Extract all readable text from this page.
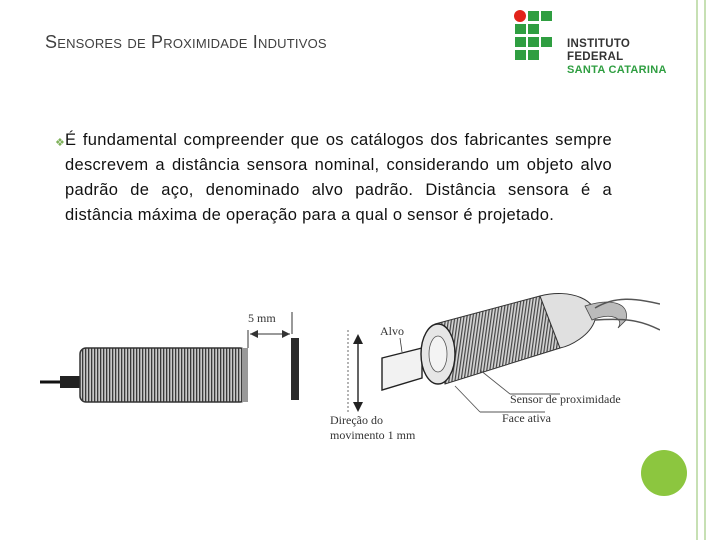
Sensores de Proximidade Indutivos	INSTITUTO FEDERAL
SANTA CATARINA
❖ É fundamental compreender que os catálogos dos fabricantes sempre descrevem a distância sensora nominal, considerando um objeto alvo padrão de aço, denominado alvo padrão. Distância sensora é a distância máxima de operação para a qual o sensor é projetado.
5 mm
Alvo
Sensor de proximidade
Face ativa
Direção do
movimento 1 mm
